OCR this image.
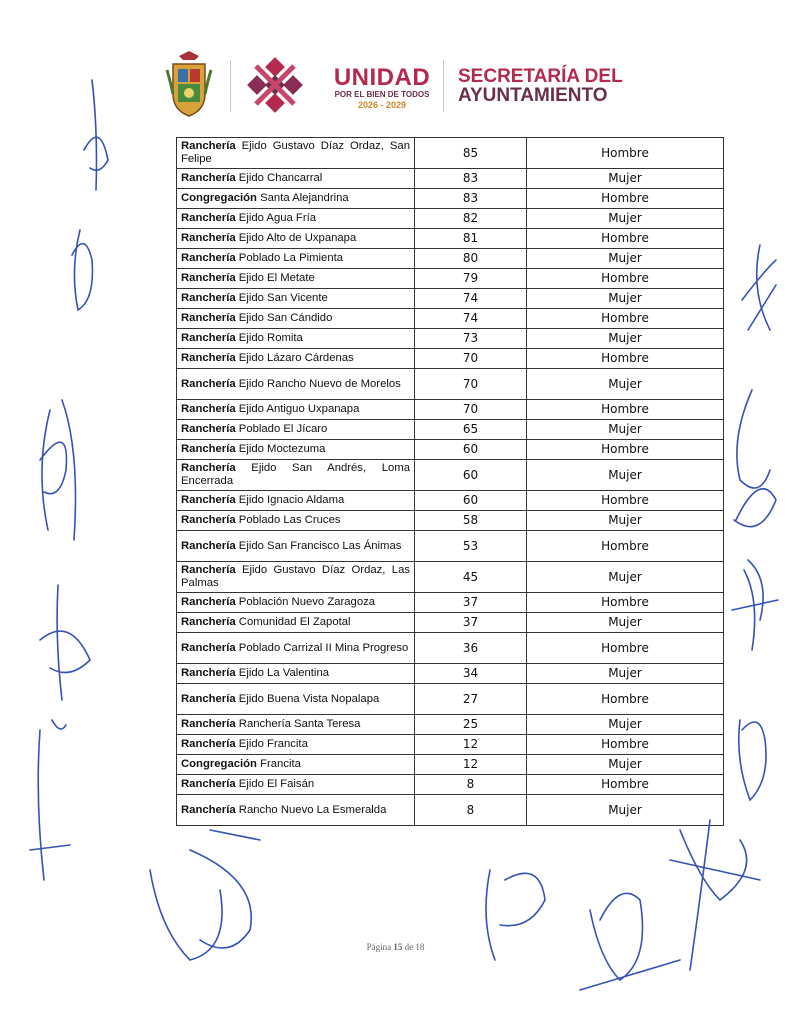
UNIDAD
POR EL BIEN DE TODOS
2026 - 2029
SECRETARÍA DEL
AYUNTAMIENTO
Ranchería Ejido Gustavo Díaz Ordaz, San Felipe	85	Hombre
Ranchería Ejido Chancarral	83	Mujer
Congregación Santa Alejandrina	83	Hombre
Ranchería Ejido Agua Fría	82	Mujer
Ranchería Ejido Alto de Uxpanapa	81	Hombre
Ranchería Poblado La Pimienta	80	Mujer
Ranchería Ejido El Metate	79	Hombre
Ranchería Ejido San Vicente	74	Mujer
Ranchería Ejido San Cándido	74	Hombre
Ranchería Ejido Romita	73	Mujer
Ranchería Ejido Lázaro Cárdenas	70	Hombre
Ranchería Ejido Rancho Nuevo de Morelos	70	Mujer
Ranchería Ejido Antiguo Uxpanapa	70	Hombre
Ranchería Poblado El Jícaro	65	Mujer
Ranchería Ejido Moctezuma	60	Hombre
Ranchería Ejido San Andrés, Loma Encerrada	60	Mujer
Ranchería Ejido Ignacio Aldama	60	Hombre
Ranchería Poblado Las Cruces	58	Mujer
Ranchería Ejido San Francisco Las Ánimas	53	Hombre
Ranchería Ejido Gustavo Díaz Ordaz, Las Palmas	45	Mujer
Ranchería Población Nuevo Zaragoza	37	Hombre
Ranchería Comunidad El Zapotal	37	Mujer
Ranchería Poblado Carrizal II Mina Progreso	36	Hombre
Ranchería Ejido La Valentina	34	Mujer
Ranchería Ejido Buena Vista Nopalapa	27	Hombre
Ranchería Ranchería Santa Teresa	25	Mujer
Ranchería Ejido Francita	12	Hombre
Congregación Francita	12	Mujer
Ranchería Ejido El Faisán	8	Hombre
Ranchería Rancho Nuevo La Esmeralda	8	Mujer
Página 15 de 18
